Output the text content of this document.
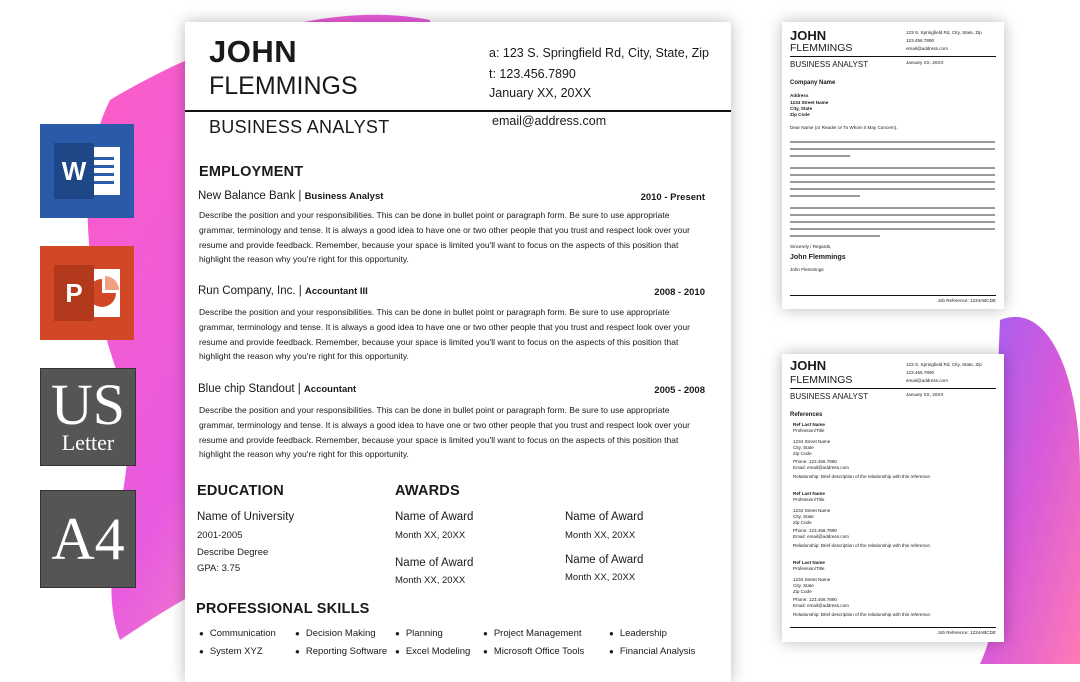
W
P
US
Letter
A4
JOHN
FLEMMINGS
a: 123 S. Springfield Rd, City, State, Zip
t: 123.456.7890
January XX, 20XX
BUSINESS ANALYST	email@address.com
EMPLOYMENT
New Balance Bank | Business Analyst	2010 - Present
Describe the position and your responsibilities. This can be done in bullet point or paragraph form. Be sure to use appropriate grammar, terminology and tense. It is always a good idea to have one or two other people that you trust and respect look over your resume and provide feedback. Remember, because your space is limited you'll want to focus on the aspects of this position that highlight the reason why you're right for this opportunity.
Run Company, Inc. | Accountant III	2008 - 2010
Describe the position and your responsibilities. This can be done in bullet point or paragraph form. Be sure to use appropriate grammar, terminology and tense. It is always a good idea to have one or two other people that you trust and respect look over your resume and provide feedback. Remember, because your space is limited you'll want to focus on the aspects of this position that highlight the reason why you're right for this opportunity.
Blue chip Standout | Accountant	2005 - 2008
Describe the position and your responsibilities. This can be done in bullet point or paragraph form. Be sure to use appropriate grammar, terminology and tense. It is always a good idea to have one or two other people that you trust and respect look over your resume and provide feedback. Remember, because your space is limited you'll want to focus on the aspects of this position that highlight the reason why you're right for this opportunity.
EDUCATION
Name of University
2001-2005
Describe Degree
GPA: 3.75
AWARDS
Name of Award
Month XX, 20XX
Name of Award
Month XX, 20XX
Name of Award
Month XX, 20XX
Name of Award
Month XX, 20XX
PROFESSIONAL SKILLS
● Communication	● Decision Making	● Planning	● Project Management	● Leadership
● System XYZ	● Reporting Software	● Excel Modeling	● Microsoft Office Tools	● Financial Analysis
JOHN
FLEMMINGS
123 S. Springfield Rd, City, State, Zip
123.456.7890
email@address.com
BUSINESS ANALYST	January XX, 20XX
Company Name
Address
1234 Street Name
City, State
Zip Code
Dear Name (or Reader or To Whom it May Concern),
Sincerely / Regards,
John Flemmings
John Flemmings
Job Reference: 1234ABCDE
JOHN
FLEMMINGS
123 S. Springfield Rd, City, State, Zip
123.456.7890
email@address.com
BUSINESS ANALYST	January XX, 20XX
References
Ref Last Name
Profession/Title
1234 Street Name
City, State
Zip Code
Phone: 123.456.7890
Email: email@address.com
Relationship: Brief description of the relationship with this reference.
Ref Last Name
Profession/Title
1234 Street Name
City, State
Zip Code
Phone: 123.456.7890
Email: email@address.com
Relationship: Brief description of the relationship with this reference.
Ref Last Name
Profession/Title
1234 Street Name
City, State
Zip Code
Phone: 123.456.7890
Email: email@address.com
Relationship: Brief description of the relationship with this reference.
Job Reference: 1234ABCDE
